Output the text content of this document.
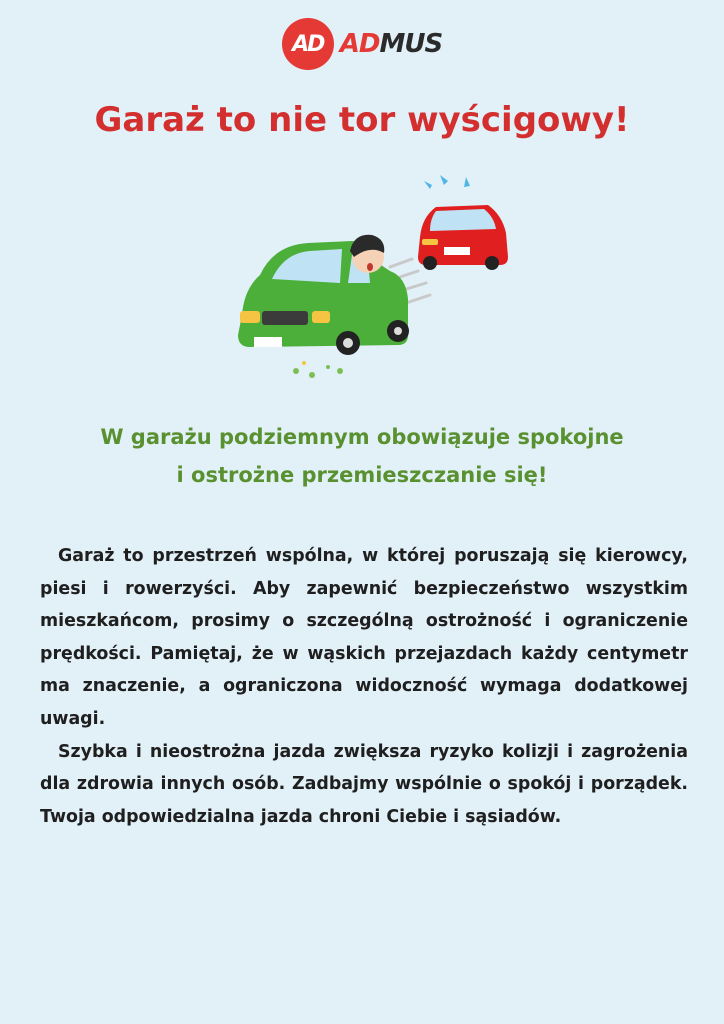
AD ADMUS
Garaż to nie tor wyścigowy!
W garażu podziemnym obowiązuje spokojne
i ostrożne przemieszczanie się!

Garaż to przestrzeń wspólna, w której poruszają się kierowcy, piesi i rowerzyści. Aby zapewnić bezpieczeństwo wszystkim mieszkańcom, prosimy o szczególną ostrożność i ograniczenie prędkości. Pamiętaj, że w wąskich przejazdach każdy centymetr ma znaczenie, a ograniczona widoczność wymaga dodatkowej uwagi.

Szybka i nieostrożna jazda zwiększa ryzyko kolizji i zagrożenia dla zdrowia innych osób. Zadbajmy wspólnie o spokój i porządek. Twoja odpowiedzialna jazda chroni Ciebie i sąsiadów.
